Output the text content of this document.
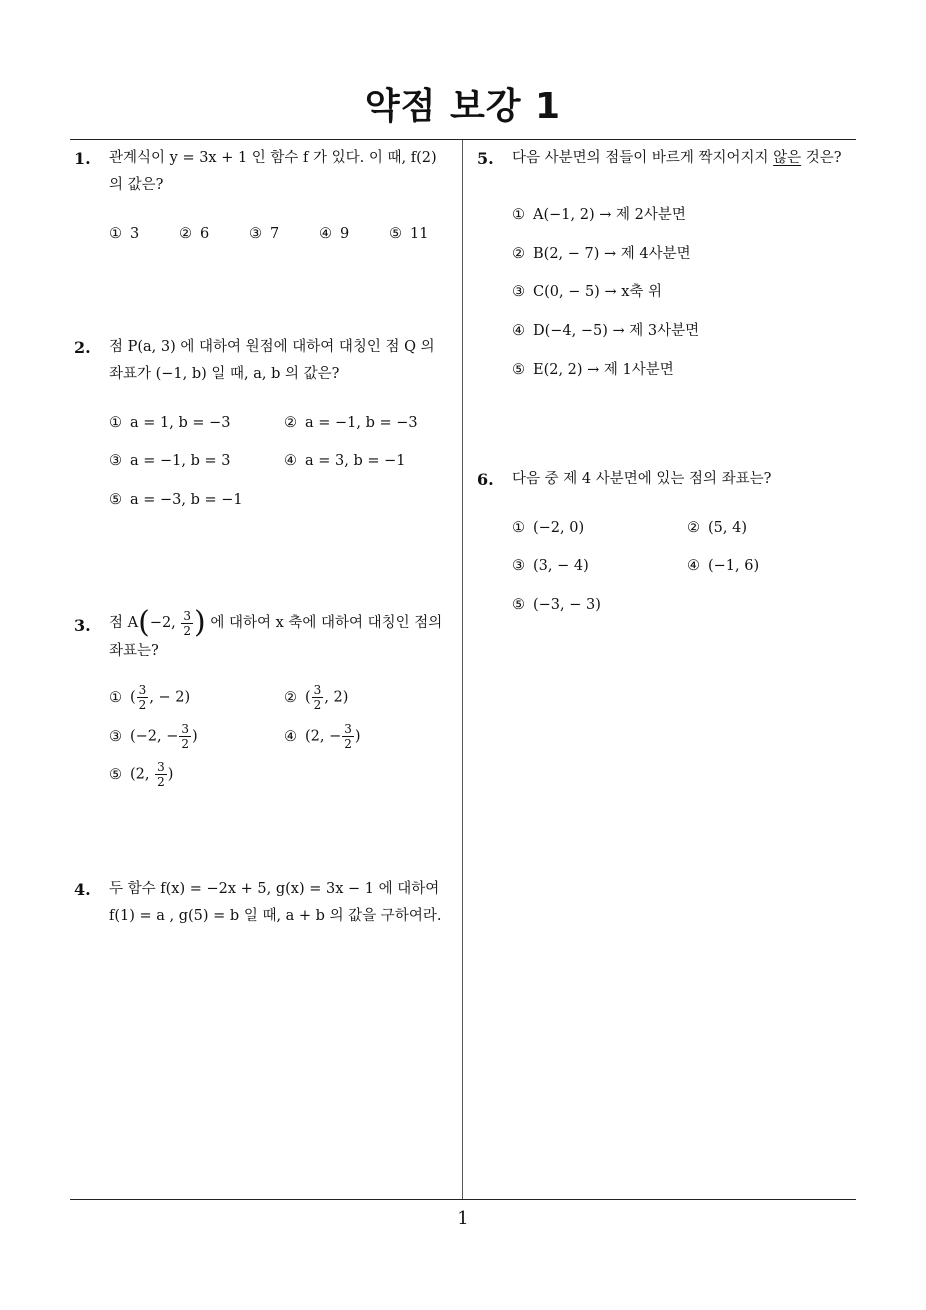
약점 보강 1
1. 관계식이 y = 3x + 1 인 함수 f 가 있다. 이 때, f(2)
의 값은?
① 3	② 6	③ 7	④ 9	⑤ 11
2. 점 P(a, 3) 에 대하여 원점에 대하여 대칭인 점 Q 의
좌표가 (−1, b) 일 때, a, b 의 값은?
① a = 1, b = −3	② a = −1, b = −3
③ a = −1, b = 3	④ a = 3, b = −1
⑤ a = −3, b = −1
3. 점 A ( −2,
$\frac{3}{2}$ )
에 대하여 x 축에 대하여 대칭인 점의
좌표는?
① ( $\frac{3}{2}$ , − 2)	② ( $\frac{3}{2}$ , 2)
③ (−2, − $\frac{3}{2}$ )	④ (2, − $\frac{3}{2}$ )
⑤ (2, $\frac{3}{2}$ )
4. 두 함수 f(x) = −2x + 5, g(x) = 3x − 1 에 대하여
f(1) = a , g(5) = b 일 때, a + b 의 값을 구하여라.
5. 다음 사분면의 점들이 바르게 짝지어지지 않은 것은?
① A(−1, 2) → 제 2사분면
② B(2, − 7) → 제 4사분면
③ C(0, − 5) → x축 위
④ D(−4, −5) → 제 3사분면
⑤ E(2, 2) → 제 1사분면
6. 다음 중 제 4 사분면에 있는 점의 좌표는?
① (−2, 0)	② (5, 4)
③ (3, − 4)	④ (−1, 6)
⑤ (−3, − 3)
1
